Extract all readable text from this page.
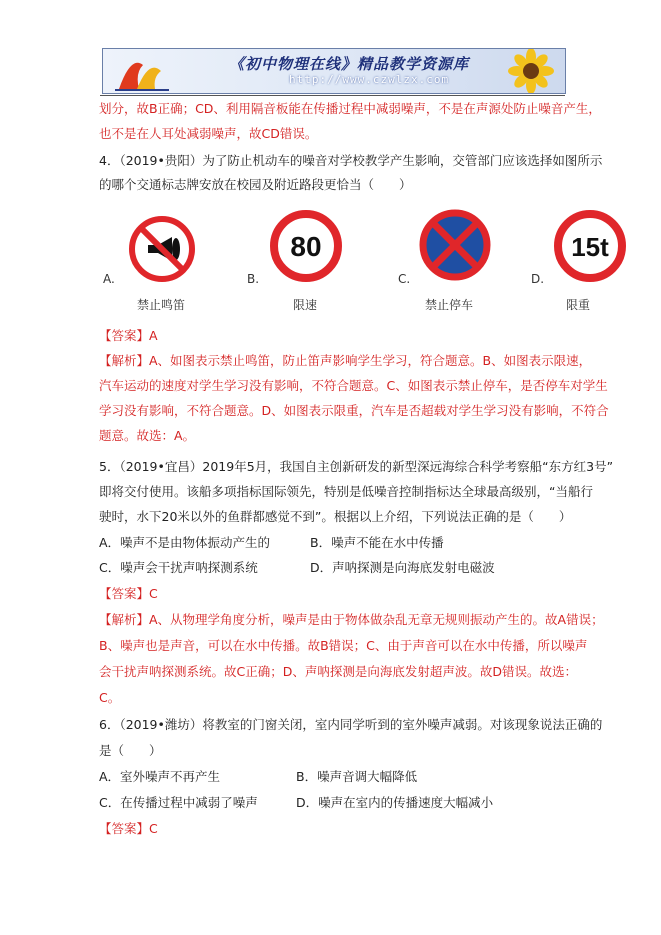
《初中物理在线》精品教学资源库
http://www.czwlzx.com
划分，故B正确；CD、利用隔音板能在传播过程中减弱噪声，不是在声源处防止噪音产生，
也不是在人耳处减弱噪声，故CD错误。
4．（2019•贵阳）为了防止机动车的噪音对学校教学产生影响，交管部门应该选择如图所示
的哪个交通标志牌安放在校园及附近路段更恰当（　　）
A.
禁止鸣笛
80
B.
限速
C.
禁止停车
15t
D.
限重
【答案】A
【解析】A、如图表示禁止鸣笛，防止笛声影响学生学习，符合题意。B、如图表示限速，
汽车运动的速度对学生学习没有影响，不符合题意。C、如图表示禁止停车，是否停车对学生
学习没有影响，不符合题意。D、如图表示限重，汽车是否超载对学生学习没有影响，不符合
题意。故选：A。
5．（2019•宜昌）2019年5月，我国自主创新研发的新型深远海综合科学考察船“东方红3号”
即将交付使用。该船多项指标国际领先，特别是低噪音控制指标达全球最高级别，“当船行
驶时，水下20米以外的鱼群都感觉不到”。根据以上介绍，下列说法正确的是（　　）
A．噪声不是由物体振动产生的	B．噪声不能在水中传播
C．噪声会干扰声呐探测系统	D．声呐探测是向海底发射电磁波
【答案】C
【解析】A、从物理学角度分析，噪声是由于物体做杂乱无章无规则振动产生的。故A错误；
B、噪声也是声音，可以在水中传播。故B错误；C、由于声音可以在水中传播，所以噪声
会干扰声呐探测系统。故C正确；D、声呐探测是向海底发射超声波。故D错误。故选：
C。
6．（2019•潍坊）将教室的门窗关闭，室内同学听到的室外噪声减弱。对该现象说法正确的
是（　　）
A．室外噪声不再产生	B．噪声音调大幅降低
C．在传播过程中减弱了噪声	D．噪声在室内的传播速度大幅减小
【答案】C
